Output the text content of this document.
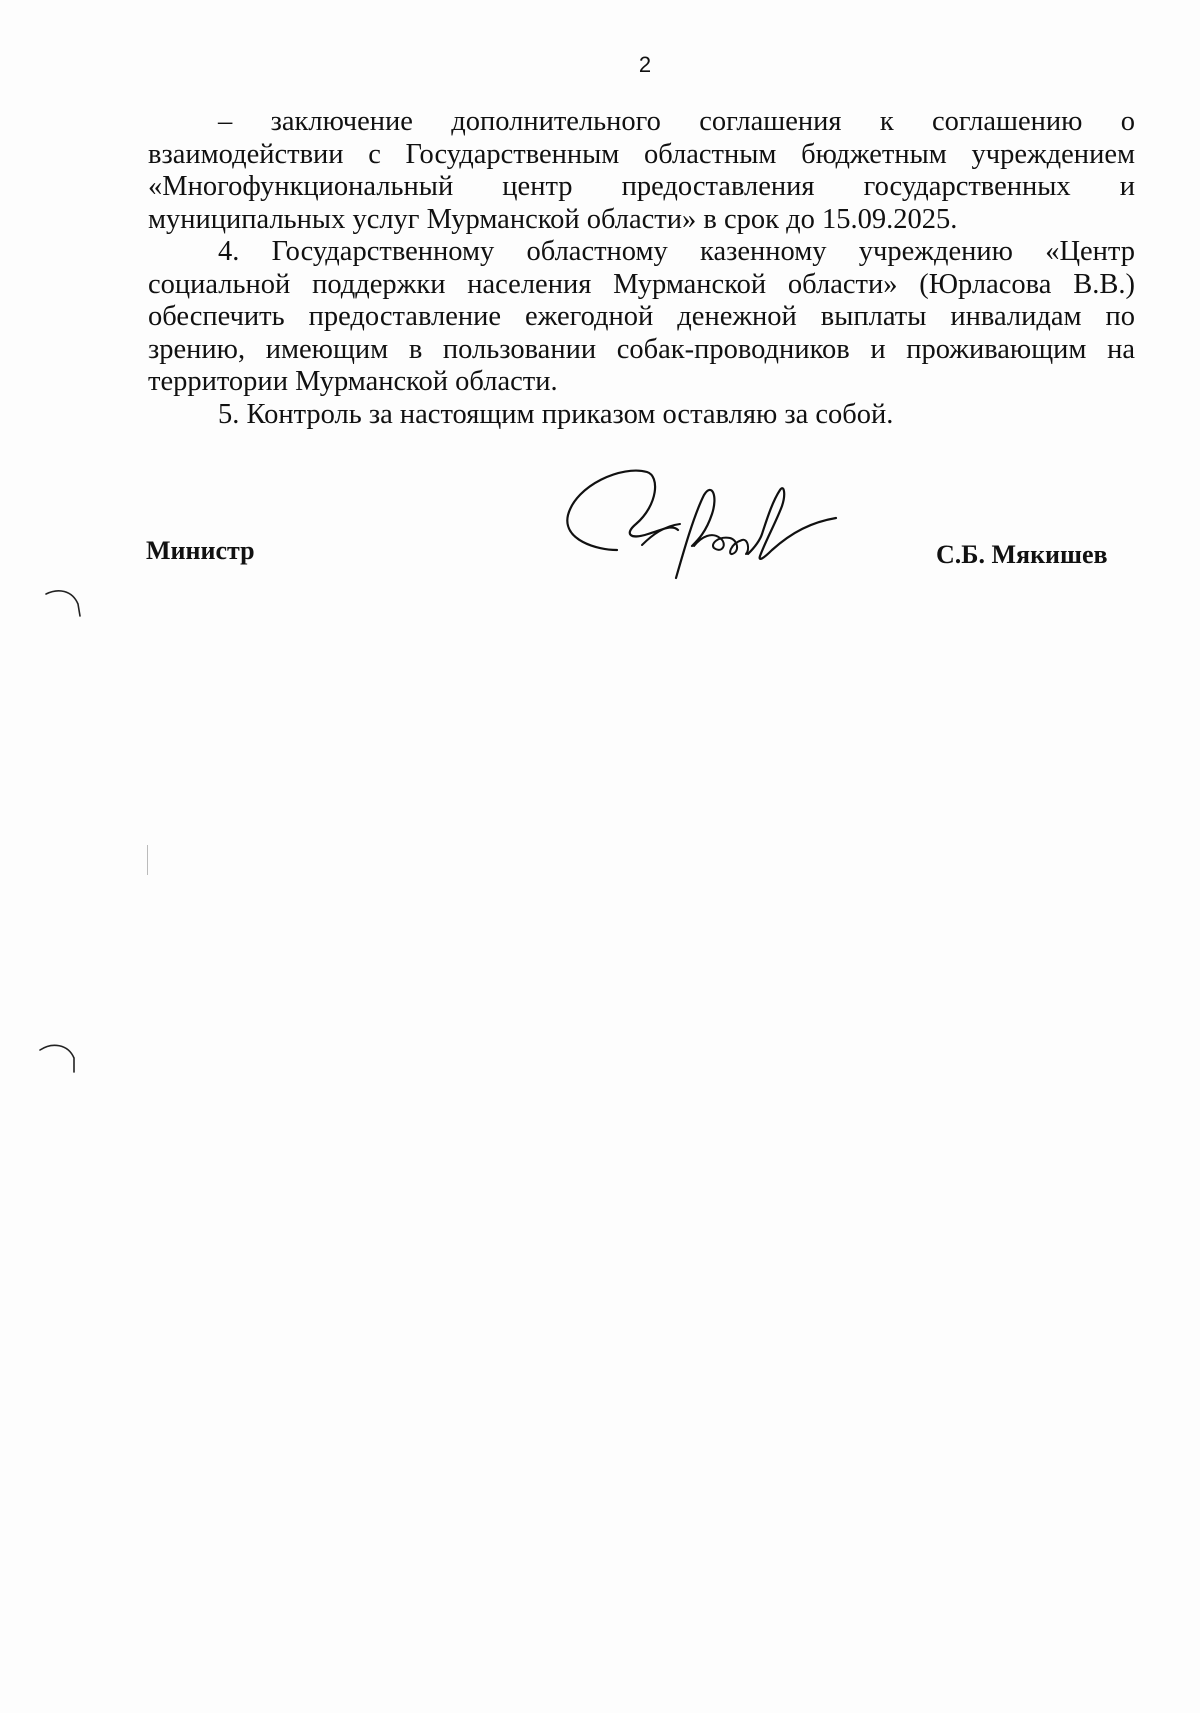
2

– заключение дополнительного соглашения к соглашению о взаимодействии с Государственным областным бюджетным учреждением «Многофункциональный центр предоставления государственных и муниципальных услуг Мурманской области» в срок до 15.09.2025.

4. Государственному областному казенному учреждению «Центр социальной поддержки населения Мурманской области» (Юрласова В.В.) обеспечить предоставление ежегодной денежной выплаты инвалидам по зрению, имеющим в пользовании собак-проводников и проживающим на территории Мурманской области.

5. Контроль за настоящим приказом оставляю за собой.

Министр	С.Б. Мякишев
